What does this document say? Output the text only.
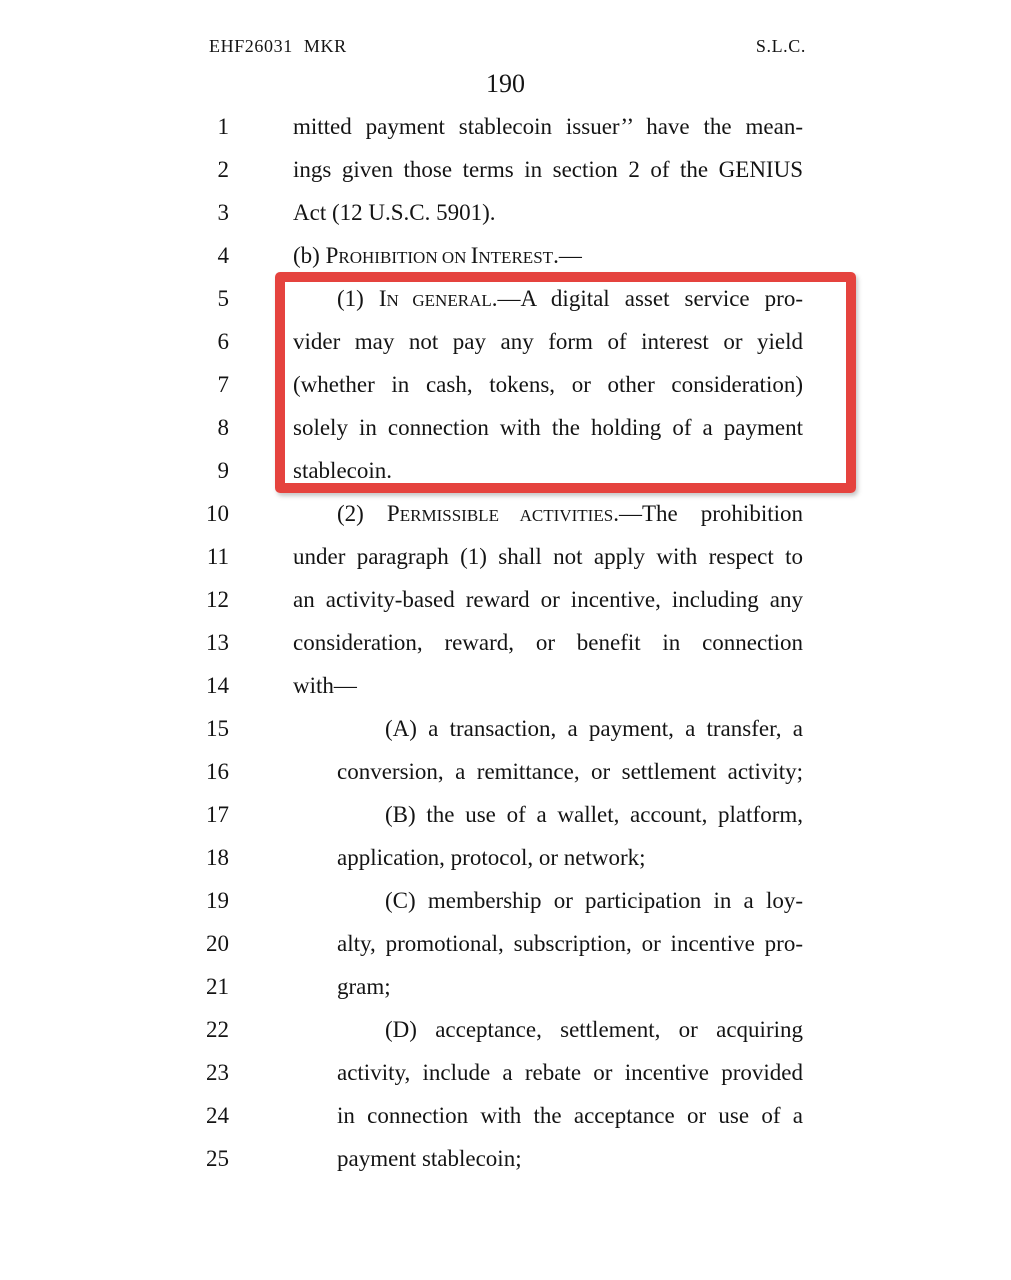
EHF26031 MKR	S.L.C.
190
1	mitted payment stablecoin issuer’’ have the mean-
2	ings given those terms in section 2 of the GENIUS
3	Act (12 U.S.C. 5901).
4	(b) PROHIBITION ON INTEREST.—
5	(1) IN GENERAL.—A digital asset service pro-
6	vider may not pay any form of interest or yield
7	(whether in cash, tokens, or other consideration)
8	solely in connection with the holding of a payment
9	stablecoin.
10	(2) PERMISSIBLE ACTIVITIES.—The prohibition
11	under paragraph (1) shall not apply with respect to
12	an activity-based reward or incentive, including any
13	consideration, reward, or benefit in connection
14	with—
15	(A) a transaction, a payment, a transfer, a
16	conversion, a remittance, or settlement activity;
17	(B) the use of a wallet, account, platform,
18	application, protocol, or network;
19	(C) membership or participation in a loy-
20	alty, promotional, subscription, or incentive pro-
21	gram;
22	(D) acceptance, settlement, or acquiring
23	activity, include a rebate or incentive provided
24	in connection with the acceptance or use of a
25	payment stablecoin;
